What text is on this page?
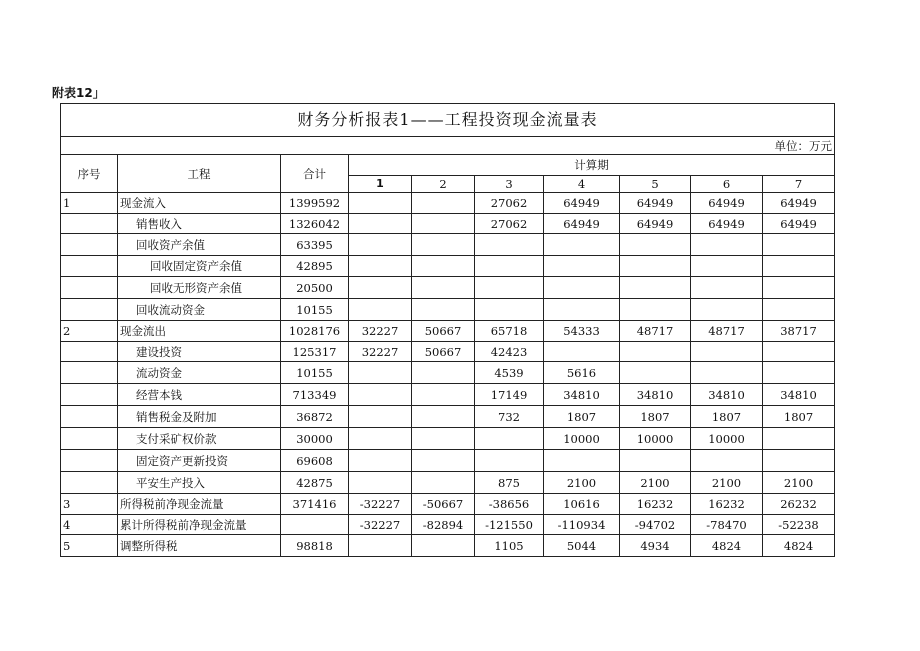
附表12」
财务分析报表1——工程投资现金流量表									
单位：万元									
序号	工程	合计	计算期						
			1	2	3	4	5	6	7
1	现金流入	1399592			27062	64949	64949	64949	64949
	销售收入	1326042			27062	64949	64949	64949	64949
	回收资产余值	63395							
	回收固定资产余值	42895							
	回收无形资产余值	20500							
	回收流动资金	10155							
2	现金流出	1028176	32227	50667	65718	54333	48717	48717	38717
	建设投资	125317	32227	50667	42423				
	流动资金	10155			4539	5616			
	经营本钱	713349			17149	34810	34810	34810	34810
	销售税金及附加	36872			732	1807	1807	1807	1807
	支付采矿权价款	30000				10000	10000	10000	
	固定资产更新投资	69608							
	平安生产投入	42875			875	2100	2100	2100	2100
3	所得税前净现金流量	371416	-32227	-50667	-38656	10616	16232	16232	26232
4	累计所得税前净现金流量		-32227	-82894	-121550	-110934	-94702	-78470	-52238
5	调整所得税	98818			1105	5044	4934	4824	4824
